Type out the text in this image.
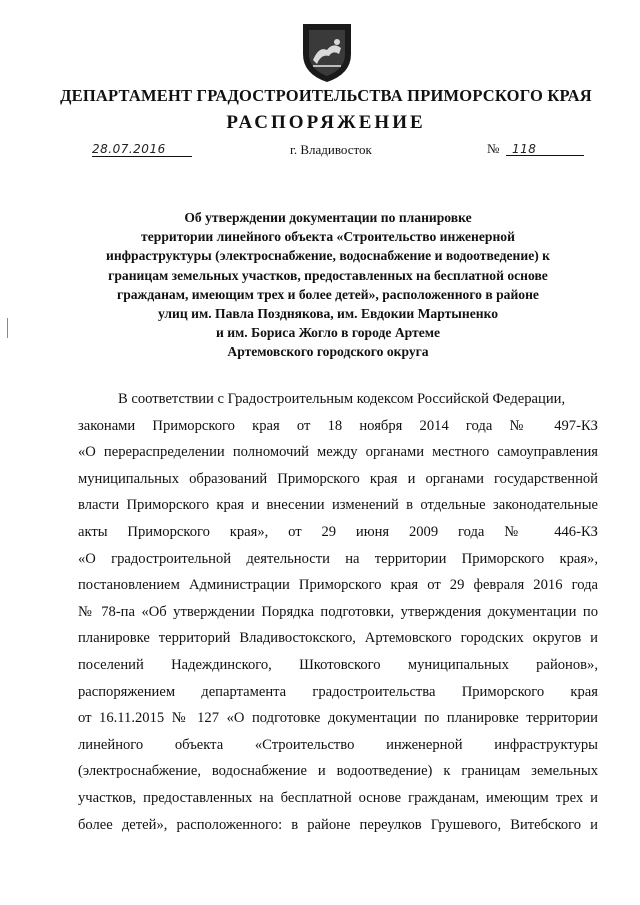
ДЕПАРТАМЕНТ ГРАДОСТРОИТЕЛЬСТВА ПРИМОРСКОГО КРАЯ
РАСПОРЯЖЕНИЕ
28.07.2016	г. Владивосток	№	118
Об утверждении документации по планировке
территории линейного объекта «Строительство инженерной
инфраструктуры (электроснабжение, водоснабжение и водоотведение) к
границам земельных участков, предоставленных на бесплатной основе
гражданам, имеющим трех и более детей», расположенного в районе
улиц им. Павла Позднякова, им. Евдокии Мартыненко
и им. Бориса Жогло в городе Артеме
Артемовского городского округа
В соответствии с Градостроительным кодексом Российской Федерации,
законами Приморского края от 18 ноября 2014 года № 497-КЗ
«О перераспределении полномочий между органами местного самоуправления
муниципальных образований Приморского края и органами государственной
власти Приморского края и внесении изменений в отдельные законодательные
акты Приморского края», от 29 июня 2009 года № 446-КЗ
«О градостроительной деятельности на территории Приморского края»,
постановлением Администрации Приморского края от 29 февраля 2016 года
№ 78-па «Об утверждении Порядка подготовки, утверждения документации по
планировке территорий Владивостокского, Артемовского городских округов и
поселений Надеждинского, Шкотовского муниципальных районов»,
распоряжением департамента градостроительства Приморского края
от 16.11.2015 № 127 «О подготовке документации по планировке территории
линейного объекта «Строительство инженерной инфраструктуры
(электроснабжение, водоснабжение и водоотведение) к границам земельных
участков, предоставленных на бесплатной основе гражданам, имеющим трех и
более детей», расположенного: в районе переулков Грушевого, Витебского и
